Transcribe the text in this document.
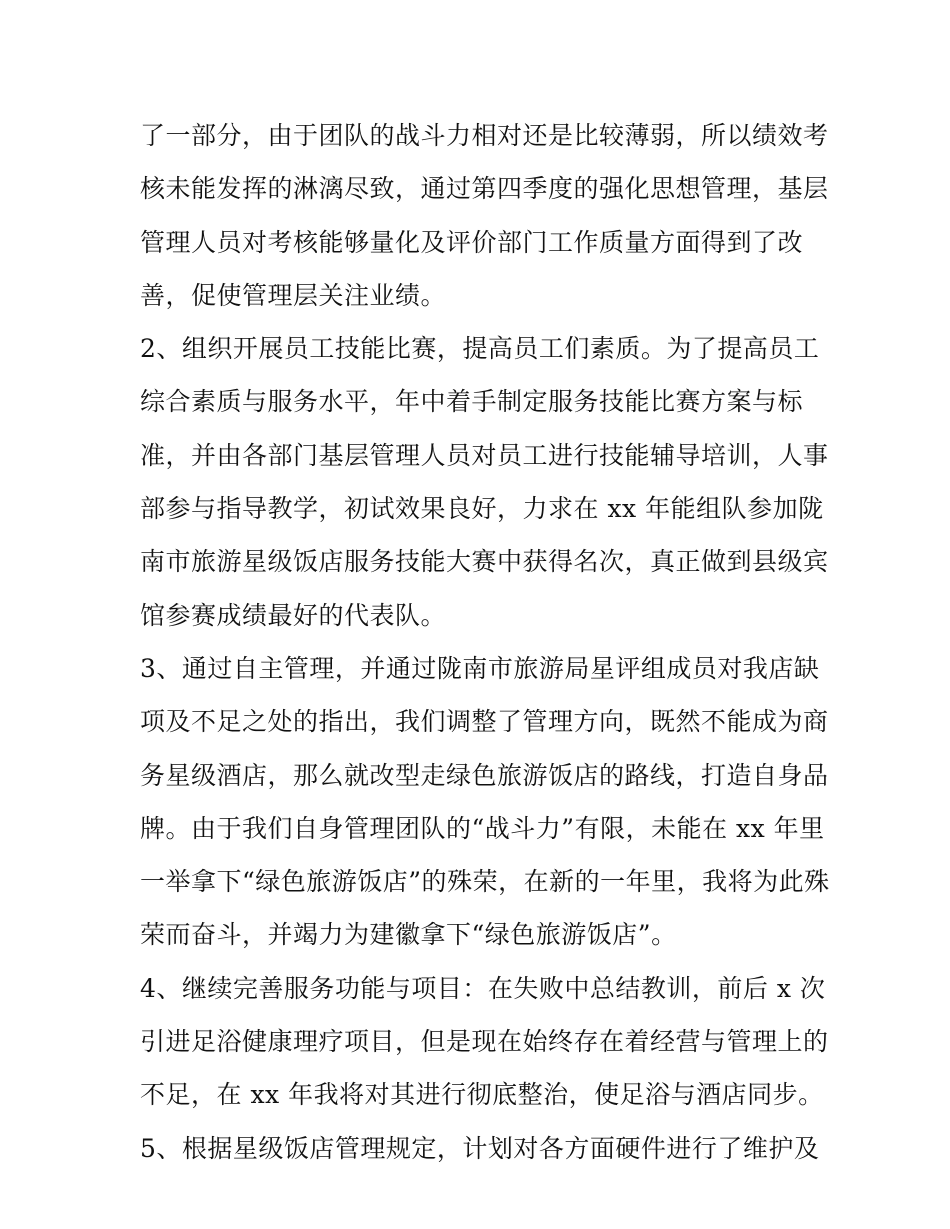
了一部分，由于团队的战斗力相对还是比较薄弱，所以绩效考
核未能发挥的淋漓尽致，通过第四季度的强化思想管理，基层
管理人员对考核能够量化及评价部门工作质量方面得到了改
善，促使管理层关注业绩。
2、组织开展员工技能比赛，提高员工们素质。为了提高员工
综合素质与服务水平，年中着手制定服务技能比赛方案与标
准，并由各部门基层管理人员对员工进行技能辅导培训，人事
部参与指导教学，初试效果良好，力求在 xx 年能组队参加陇
南市旅游星级饭店服务技能大赛中获得名次，真正做到县级宾
馆参赛成绩最好的代表队。
3、通过自主管理，并通过陇南市旅游局星评组成员对我店缺
项及不足之处的指出，我们调整了管理方向，既然不能成为商
务星级酒店，那么就改型走绿色旅游饭店的路线，打造自身品
牌。由于我们自身管理团队的“战斗力”有限，未能在 xx 年里
一举拿下“绿色旅游饭店”的殊荣，在新的一年里，我将为此殊
荣而奋斗，并竭力为建徽拿下“绿色旅游饭店”。
4、继续完善服务功能与项目：在失败中总结教训，前后 x 次
引进足浴健康理疗项目，但是现在始终存在着经营与管理上的
不足，在 xx 年我将对其进行彻底整治，使足浴与酒店同步。
5、根据星级饭店管理规定，计划对各方面硬件进行了维护及
